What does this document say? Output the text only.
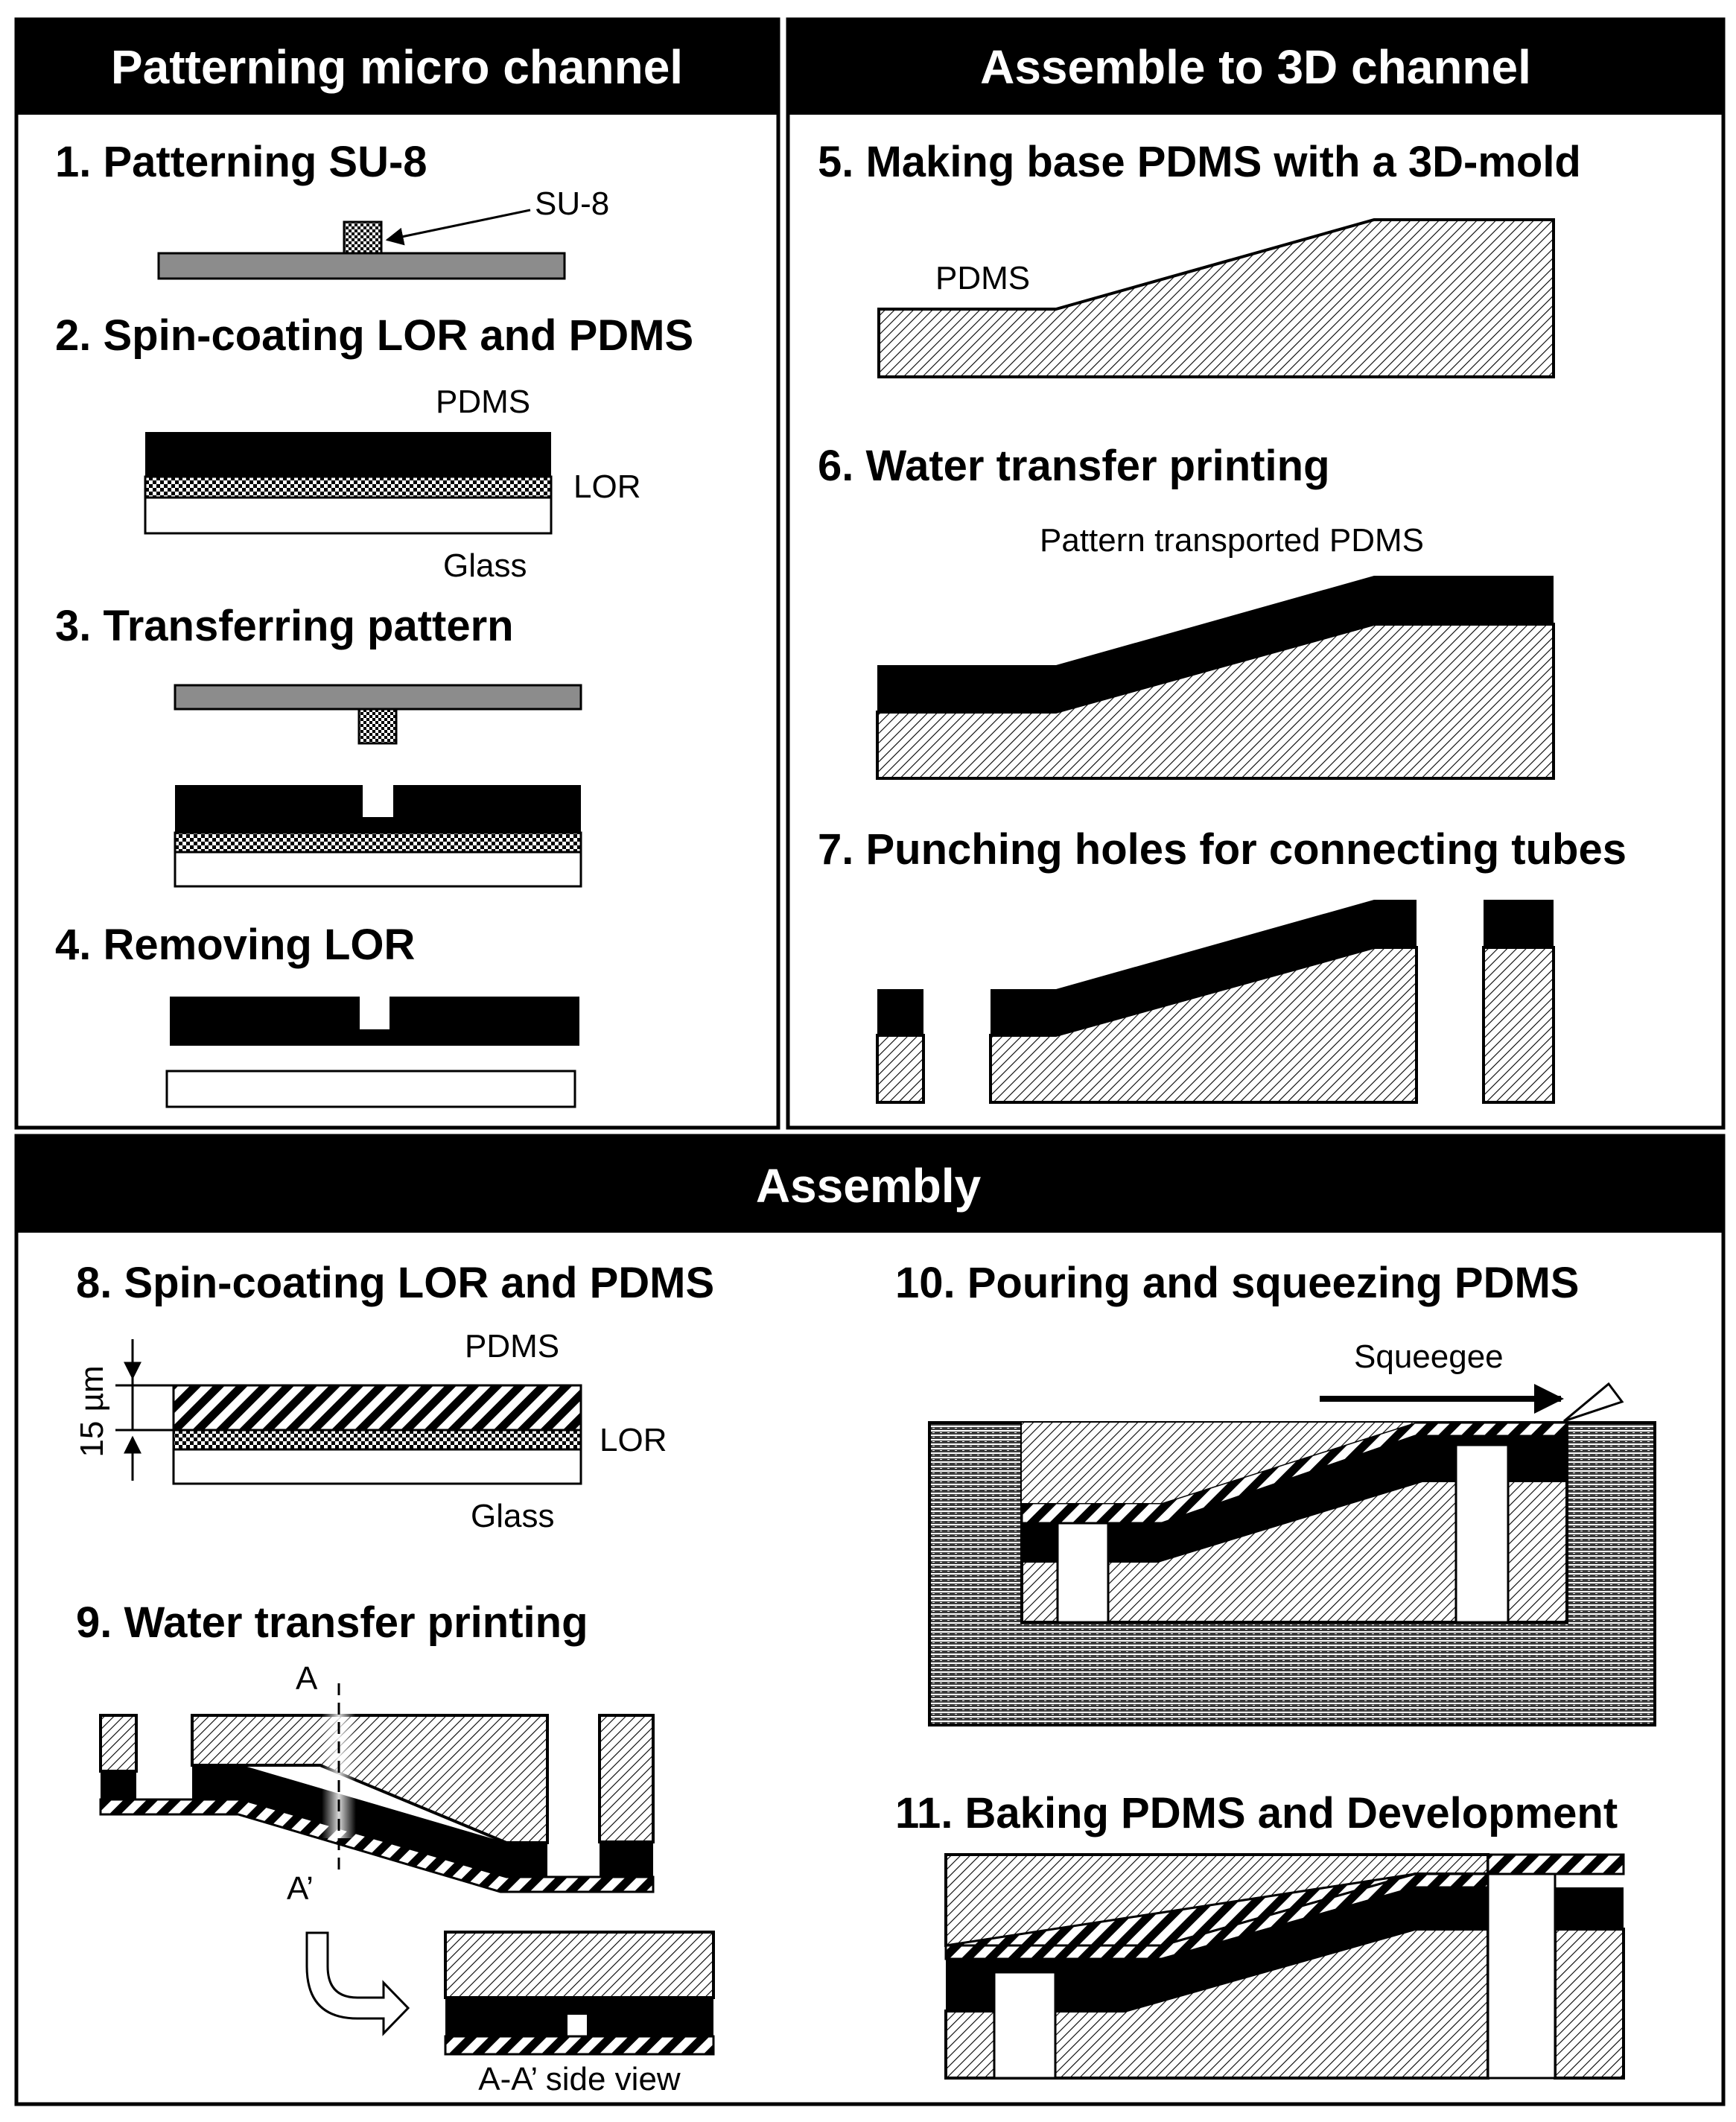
Patterning micro channel	Assemble to 3D channel
Assembly
1. Patterning SU-8
2. Spin-coating LOR and PDMS
3. Transferring pattern
4. Removing LOR
5. Making base PDMS with a 3D-mold
6. Water transfer printing
7. Punching holes for connecting tubes
8. Spin-coating LOR and PDMS
9. Water transfer printing
10. Pouring and squeezing PDMS
11. Baking PDMS and Development
SU-8
PDMS
LOR
Glass
PDMS
Pattern transported PDMS
15 µm
PDMS
LOR
Glass
A
A’
A-A’ side view
Squeegee
